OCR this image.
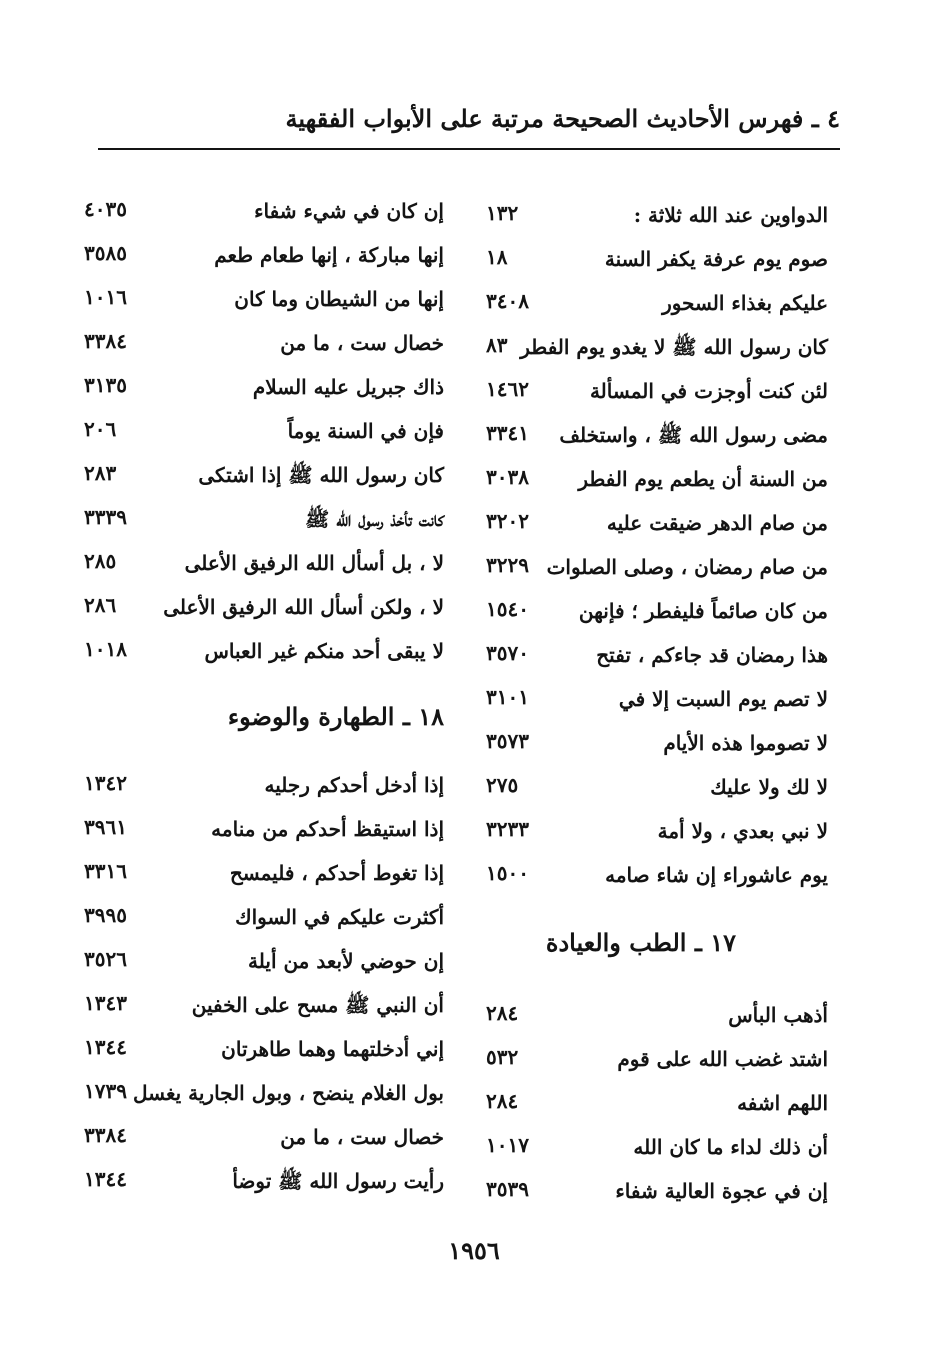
٤ ـ فهرس الأحاديث الصحيحة مرتبة على الأبواب الفقهية
الدواوين عند الله ثلاثة :
١٣٢
صوم يوم عرفة يكفر السنة
١٨
عليكم بغذاء السحور
٣٤٠٨
كان رسول الله ﷺ لا يغدو يوم الفطر
٨٣
لئن كنت أوجزت في المسألة
١٤٦٢
مضى رسول الله ﷺ ، واستخلف
٣٣٤١
من السنة أن يطعم يوم الفطر
٣٠٣٨
من صام الدهر ضيقت عليه
٣٢٠٢
من صام رمضان ، وصلى الصلوات
٣٢٢٩
من كان صائماً فليفطر ؛ فإنهن
١٥٤٠
هذا رمضان قد جاءكم ، تفتح
٣٥٧٠
لا تصم يوم السبت إلا في
٣١٠١
لا تصوموا هذه الأيام
٣٥٧٣
لا لك ولا عليك
٢٧٥
لا نبي بعدي ، ولا أمة
٣٢٣٣
يوم عاشوراء إن شاء صامه
١٥٠٠
١٧ ـ الطب والعيادة
أذهب البأس
٢٨٤
اشتد غضب الله على قوم
٥٣٢
اللهم اشفه
٢٨٤
أن ذلك لداء ما كان الله
١٠١٧
إن في عجوة العالية شفاء
٣٥٣٩
إن كان في شيء شفاء
٤٠٣٥
إنها مباركة ، إنها طعام طعم
٣٥٨٥
إنها من الشيطان وما كان
١٠١٦
خصال ست ، ما من
٣٣٨٤
ذاك جبريل عليه السلام
٣١٣٥
فإن في السنة يوماً
٢٠٦
كان رسول الله ﷺ إذا اشتكى
٢٨٣
كانت تأخذ رسول الله ﷺ
٣٣٣٩
لا ، بل أسأل الله الرفيق الأعلى
٢٨٥
لا ، ولكن أسأل الله الرفيق الأعلى
٢٨٦
لا يبقى أحد منكم غير العباس
١٠١٨
١٨ ـ الطهارة والوضوء
إذا أدخل أحدكم رجليه
١٣٤٢
إذا استيقظ أحدكم من منامه
٣٩٦١
إذا تغوط أحدكم ، فليمسح
٣٣١٦
أكثرت عليكم في السواك
٣٩٩٥
إن حوضي لأبعد من أيلة
٣٥٢٦
أن النبي ﷺ مسح على الخفين
١٣٤٣
إني أدخلتهما وهما طاهرتان
١٣٤٤
بول الغلام ينضح ، وبول الجارية يغسل
١٧٣٩
خصال ست ، ما من
٣٣٨٤
رأيت رسول الله ﷺ توضأ
١٣٤٤
١٩٥٦
